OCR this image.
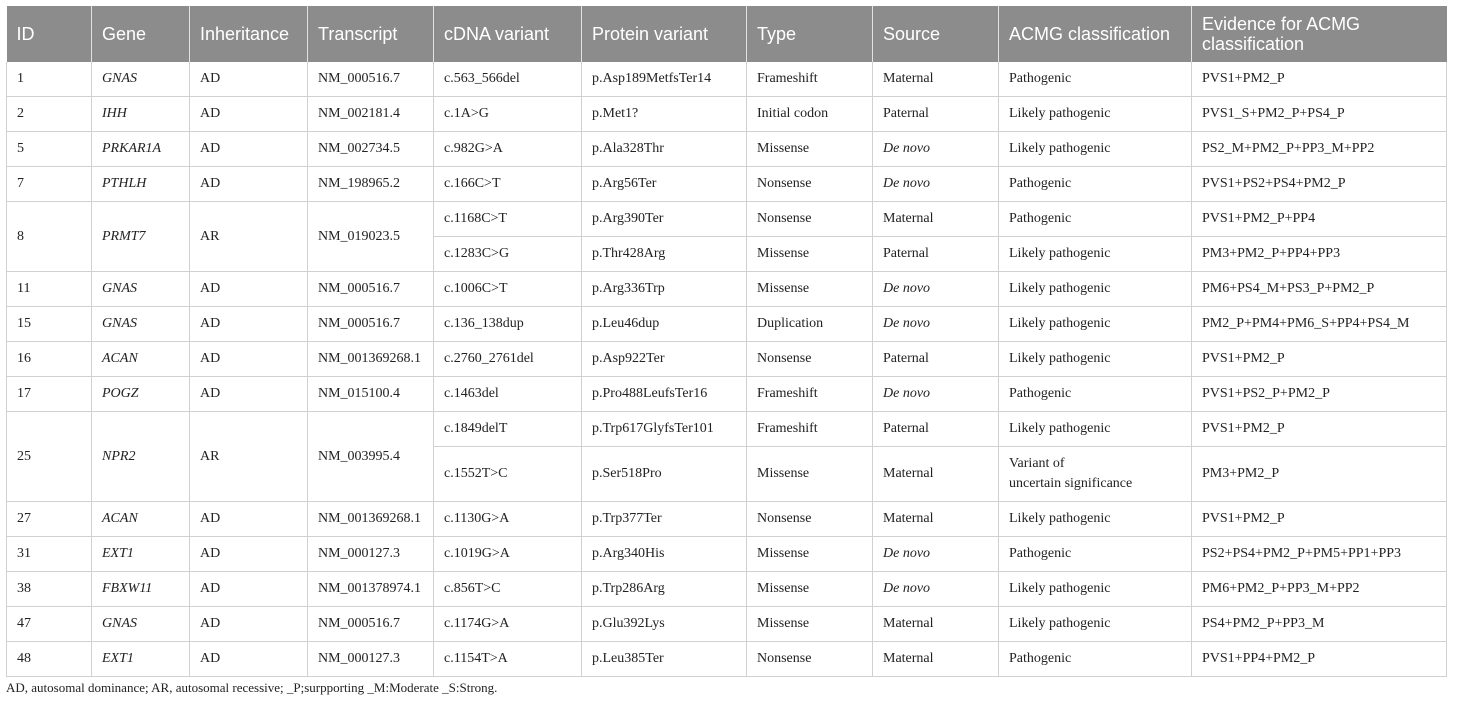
ID	Gene	Inheritance	Transcript	cDNA variant	Protein variant	Type	Source	ACMG classification	Evidence for ACMG classification
1	GNAS	AD	NM_000516.7	c.563_566del	p.Asp189MetfsTer14	Frameshift	Maternal	Pathogenic	PVS1+PM2_P
2	IHH	AD	NM_002181.4	c.1A>G	p.Met1?	Initial codon	Paternal	Likely pathogenic	PVS1_S+PM2_P+PS4_P
5	PRKAR1A	AD	NM_002734.5	c.982G>A	p.Ala328Thr	Missense	De novo	Likely pathogenic	PS2_M+PM2_P+PP3_M+PP2
7	PTHLH	AD	NM_198965.2	c.166C>T	p.Arg56Ter	Nonsense	De novo	Pathogenic	PVS1+PS2+PS4+PM2_P
8	PRMT7	AR	NM_019023.5	c.1168C>T	p.Arg390Ter	Nonsense	Maternal	Pathogenic	PVS1+PM2_P+PP4
				c.1283C>G	p.Thr428Arg	Missense	Paternal	Likely pathogenic	PM3+PM2_P+PP4+PP3
11	GNAS	AD	NM_000516.7	c.1006C>T	p.Arg336Trp	Missense	De novo	Likely pathogenic	PM6+PS4_M+PS3_P+PM2_P
15	GNAS	AD	NM_000516.7	c.136_138dup	p.Leu46dup	Duplication	De novo	Likely pathogenic	PM2_P+PM4+PM6_S+PP4+PS4_M
16	ACAN	AD	NM_001369268.1	c.2760_2761del	p.Asp922Ter	Nonsense	Paternal	Likely pathogenic	PVS1+PM2_P
17	POGZ	AD	NM_015100.4	c.1463del	p.Pro488LeufsTer16	Frameshift	De novo	Pathogenic	PVS1+PS2_P+PM2_P
25	NPR2	AR	NM_003995.4	c.1849delT	p.Trp617GlyfsTer101	Frameshift	Paternal	Likely pathogenic	PVS1+PM2_P
				c.1552T>C	p.Ser518Pro	Missense	Maternal	Variant of
uncertain significance	PM3+PM2_P
27	ACAN	AD	NM_001369268.1	c.1130G>A	p.Trp377Ter	Nonsense	Maternal	Likely pathogenic	PVS1+PM2_P
31	EXT1	AD	NM_000127.3	c.1019G>A	p.Arg340His	Missense	De novo	Pathogenic	PS2+PS4+PM2_P+PM5+PP1+PP3
38	FBXW11	AD	NM_001378974.1	c.856T>C	p.Trp286Arg	Missense	De novo	Likely pathogenic	PM6+PM2_P+PP3_M+PP2
47	GNAS	AD	NM_000516.7	c.1174G>A	p.Glu392Lys	Missense	Maternal	Likely pathogenic	PS4+PM2_P+PP3_M
48	EXT1	AD	NM_000127.3	c.1154T>A	p.Leu385Ter	Nonsense	Maternal	Pathogenic	PVS1+PP4+PM2_P
AD, autosomal dominance; AR, autosomal recessive; _P;surpporting _M:Moderate _S:Strong.
